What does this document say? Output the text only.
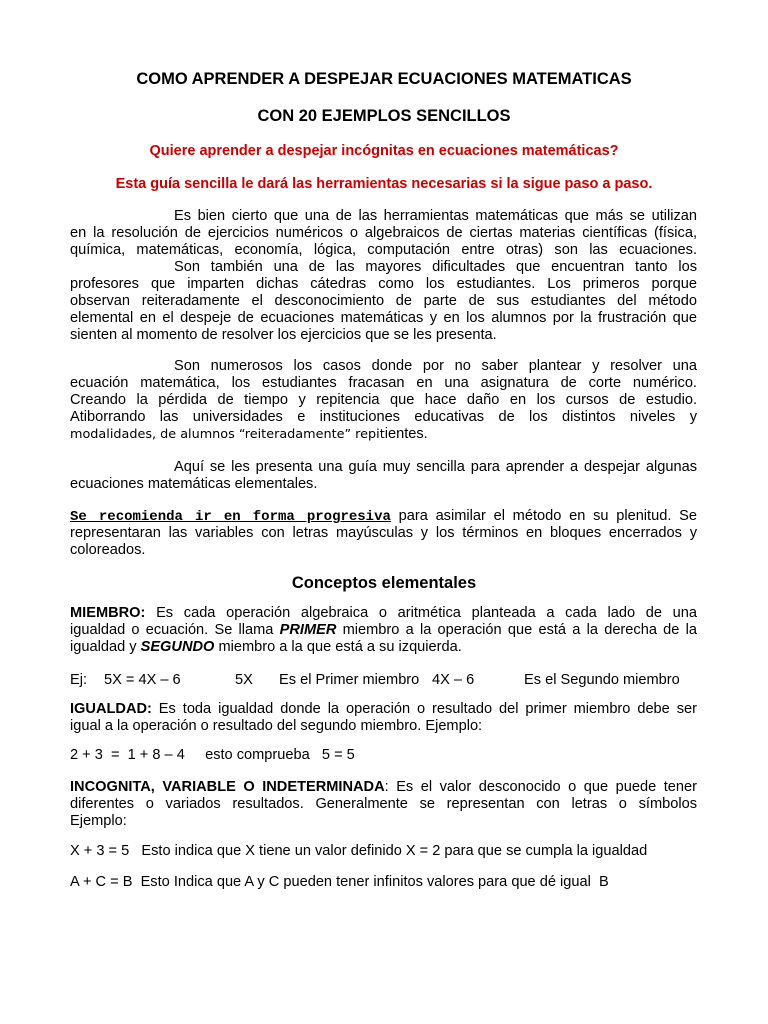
COMO APRENDER A DESPEJAR ECUACIONES MATEMATICAS
CON 20 EJEMPLOS SENCILLOS
Quiere aprender a despejar incógnitas en ecuaciones matemáticas?
Esta guía sencilla le dará las herramientas necesarias si la sigue paso a paso.
Es bien cierto que una de las herramientas matemáticas que más se utilizan
en la resolución de ejercicios numéricos o algebraicos de ciertas materias científicas (física,
química, matemáticas, economía, lógica, computación entre otras) son las ecuaciones.
Son también una de las mayores dificultades que encuentran tanto los
profesores que imparten dichas cátedras como los estudiantes. Los primeros porque
observan reiteradamente el desconocimiento de parte de sus estudiantes del método
elemental en el despeje de ecuaciones matemáticas y en los alumnos por la frustración que
sienten al momento de resolver los ejercicios que se les presenta.
Son numerosos los casos donde por no saber plantear y resolver una
ecuación matemática, los estudiantes fracasan en una asignatura de corte numérico.
Creando la pérdida de tiempo y repitencia que hace daño en los cursos de estudio.
Atiborrando las universidades e instituciones educativas de los distintos niveles y
modalidades, de alumnos “reiteradamente” repitientes.
Aquí se les presenta una guía muy sencilla para aprender a despejar algunas
ecuaciones matemáticas elementales.
Se recomienda ir en forma progresiva para asimilar el método en su plenitud. Se
representaran las variables con letras mayúsculas y los términos en bloques encerrados y
coloreados.
Conceptos elementales
MIEMBRO: Es cada operación algebraica o aritmética planteada a cada lado de una
igualdad o ecuación. Se llama PRIMER miembro a la operación que está a la derecha de la
igualdad y SEGUNDO miembro a la que está a su izquierda.
Ej: 5X = 4X – 6	5X Es el Primer miembro 4X – 6	Es el Segundo miembro
IGUALDAD: Es toda igualdad donde la operación o resultado del primer miembro debe ser
igual a la operación o resultado del segundo miembro. Ejemplo:
2 + 3  =  1 + 8 – 4     esto comprueba   5 = 5
INCOGNITA, VARIABLE O INDETERMINADA: Es el valor desconocido o que puede tener
diferentes o variados resultados. Generalmente se representan con letras o símbolos
Ejemplo:
X + 3 = 5   Esto indica que X tiene un valor definido X = 2 para que se cumpla la igualdad
A + C = B  Esto Indica que A y C pueden tener infinitos valores para que dé igual  B
